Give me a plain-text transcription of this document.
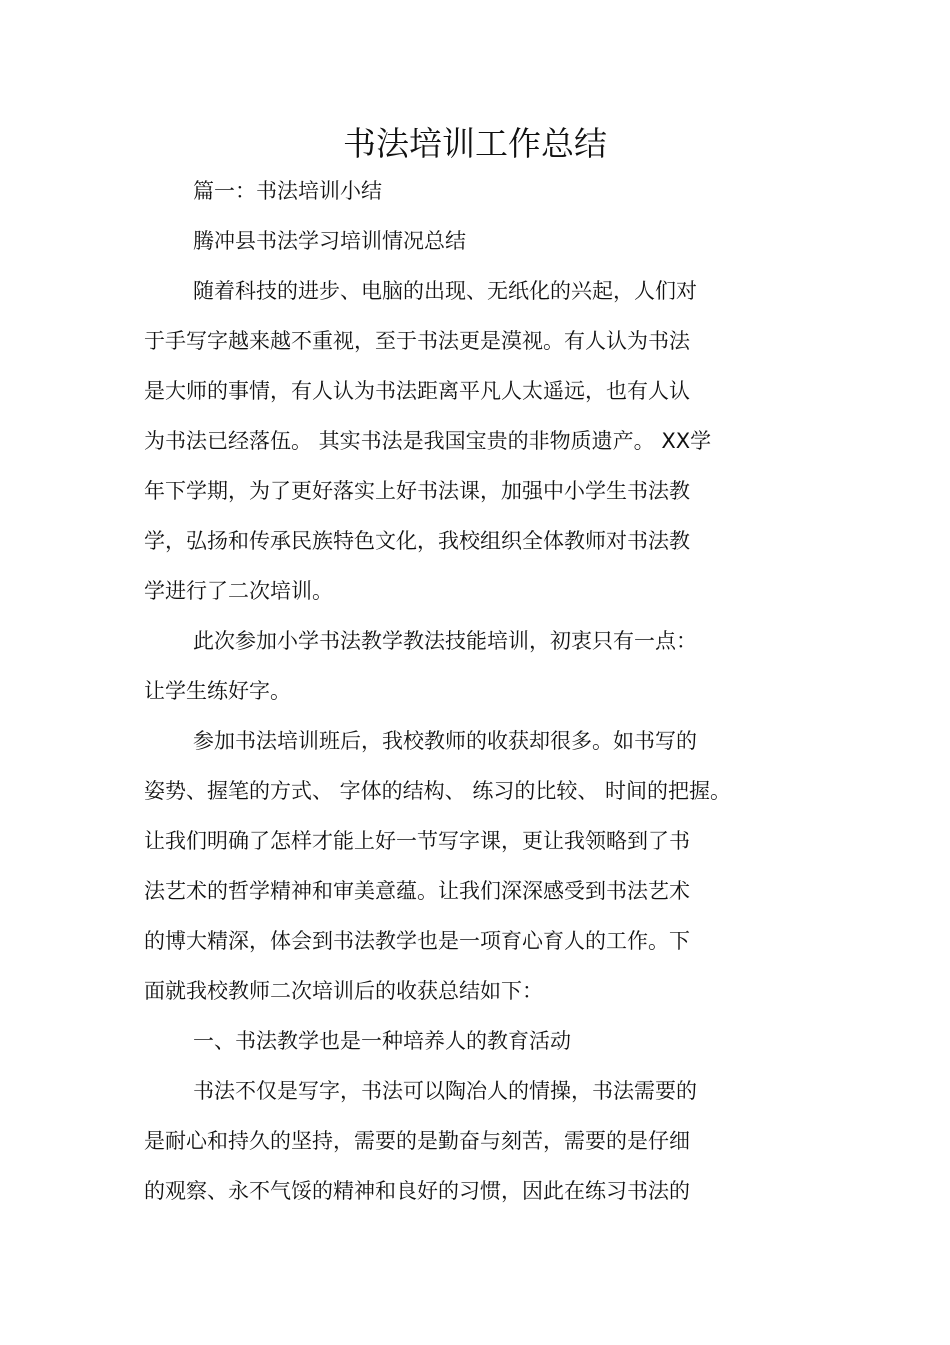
书法培训工作总结
篇一：书法培训小结
腾冲县书法学习培训情况总结
随着科技的进步、电脑的出现、无纸化的兴起，人们对
于手写字越来越不重视，至于书法更是漠视。有人认为书法
是大师的事情，有人认为书法距离平凡人太遥远，也有人认
为书法已经落伍。 其实书法是我国宝贵的非物质遗产。 XX学
年下学期，为了更好落实上好书法课，加强中小学生书法教
学，弘扬和传承民族特色文化，我校组织全体教师对书法教
学进行了二次培训。
此次参加小学书法教学教法技能培训，初衷只有一点：
让学生练好字。
参加书法培训班后，我校教师的收获却很多。如书写的
姿势、握笔的方式、 字体的结构、 练习的比较、 时间的把握。
让我们明确了怎样才能上好一节写字课，更让我领略到了书
法艺术的哲学精神和审美意蕴。让我们深深感受到书法艺术
的博大精深，体会到书法教学也是一项育心育人的工作。下
面就我校教师二次培训后的收获总结如下：
一、书法教学也是一种培养人的教育活动
书法不仅是写字，书法可以陶冶人的情操，书法需要的
是耐心和持久的坚持，需要的是勤奋与刻苦，需要的是仔细
的观察、永不气馁的精神和良好的习惯，因此在练习书法的
